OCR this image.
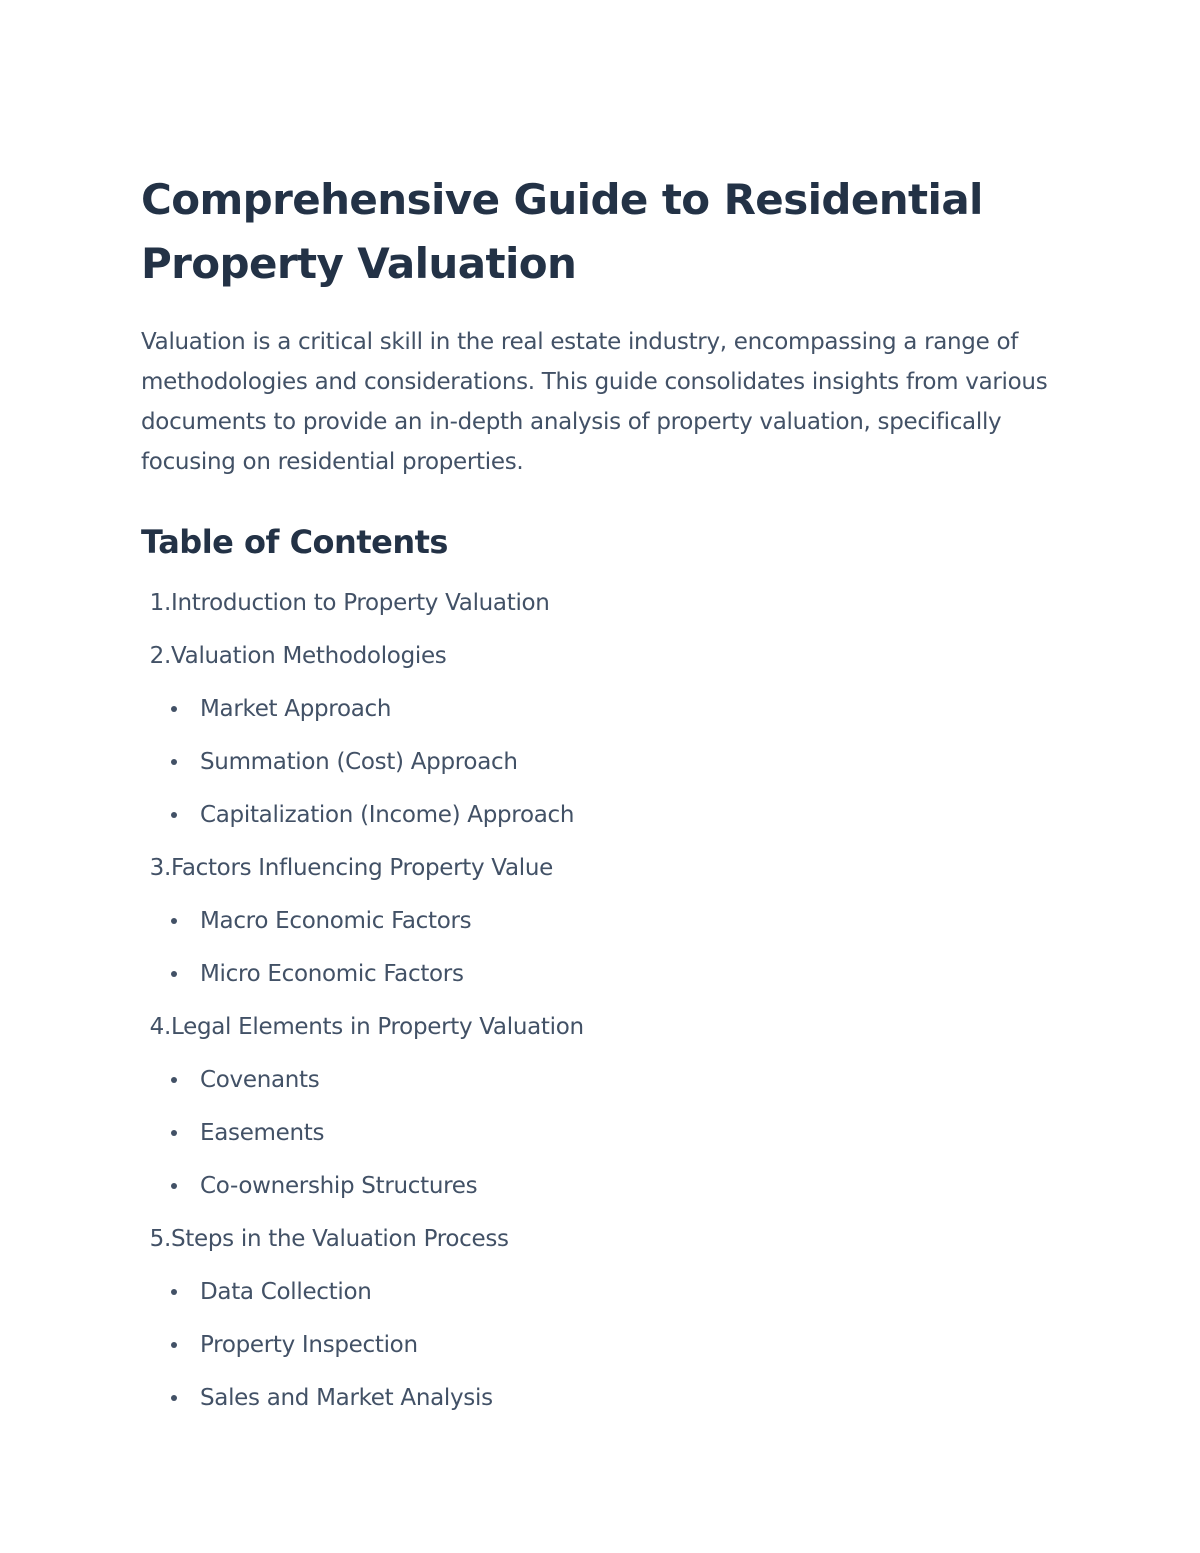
Comprehensive Guide to Residential Property Valuation

Valuation is a critical skill in the real estate industry, encompassing a range of methodologies and considerations. This guide consolidates insights from various documents to provide an in-depth analysis of property valuation, specifically focusing on residential properties.

Table of Contents
1. Introduction to Property Valuation
2. Valuation Methodologies
Market Approach
Summation (Cost) Approach
Capitalization (Income) Approach
3. Factors Influencing Property Value
Macro Economic Factors
Micro Economic Factors
4. Legal Elements in Property Valuation
Covenants
Easements
Co-ownership Structures
5. Steps in the Valuation Process
Data Collection
Property Inspection
Sales and Market Analysis
